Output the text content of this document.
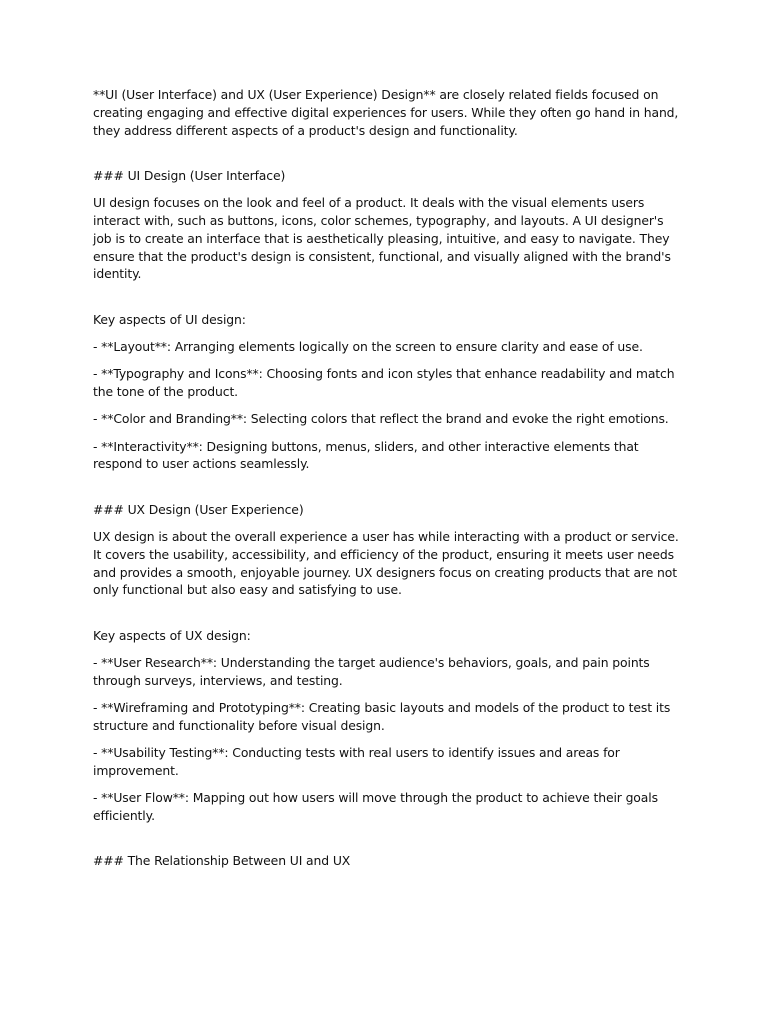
**UI (User Interface) and UX (User Experience) Design** are closely related fields focused on creating engaging and effective digital experiences for users. While they often go hand in hand, they address different aspects of a product's design and functionality.

### UI Design (User Interface)

UI design focuses on the look and feel of a product. It deals with the visual elements users interact with, such as buttons, icons, color schemes, typography, and layouts. A UI designer's job is to create an interface that is aesthetically pleasing, intuitive, and easy to navigate. They ensure that the product's design is consistent, functional, and visually aligned with the brand's identity.

Key aspects of UI design:

- **Layout**: Arranging elements logically on the screen to ensure clarity and ease of use.

- **Typography and Icons**: Choosing fonts and icon styles that enhance readability and match the tone of the product.

- **Color and Branding**: Selecting colors that reflect the brand and evoke the right emotions.

- **Interactivity**: Designing buttons, menus, sliders, and other interactive elements that respond to user actions seamlessly.

### UX Design (User Experience)

UX design is about the overall experience a user has while interacting with a product or service. It covers the usability, accessibility, and efficiency of the product, ensuring it meets user needs and provides a smooth, enjoyable journey. UX designers focus on creating products that are not only functional but also easy and satisfying to use.

Key aspects of UX design:

- **User Research**: Understanding the target audience's behaviors, goals, and pain points through surveys, interviews, and testing.

- **Wireframing and Prototyping**: Creating basic layouts and models of the product to test its structure and functionality before visual design.

- **Usability Testing**: Conducting tests with real users to identify issues and areas for improvement.

- **User Flow**: Mapping out how users will move through the product to achieve their goals efficiently.

### The Relationship Between UI and UX
